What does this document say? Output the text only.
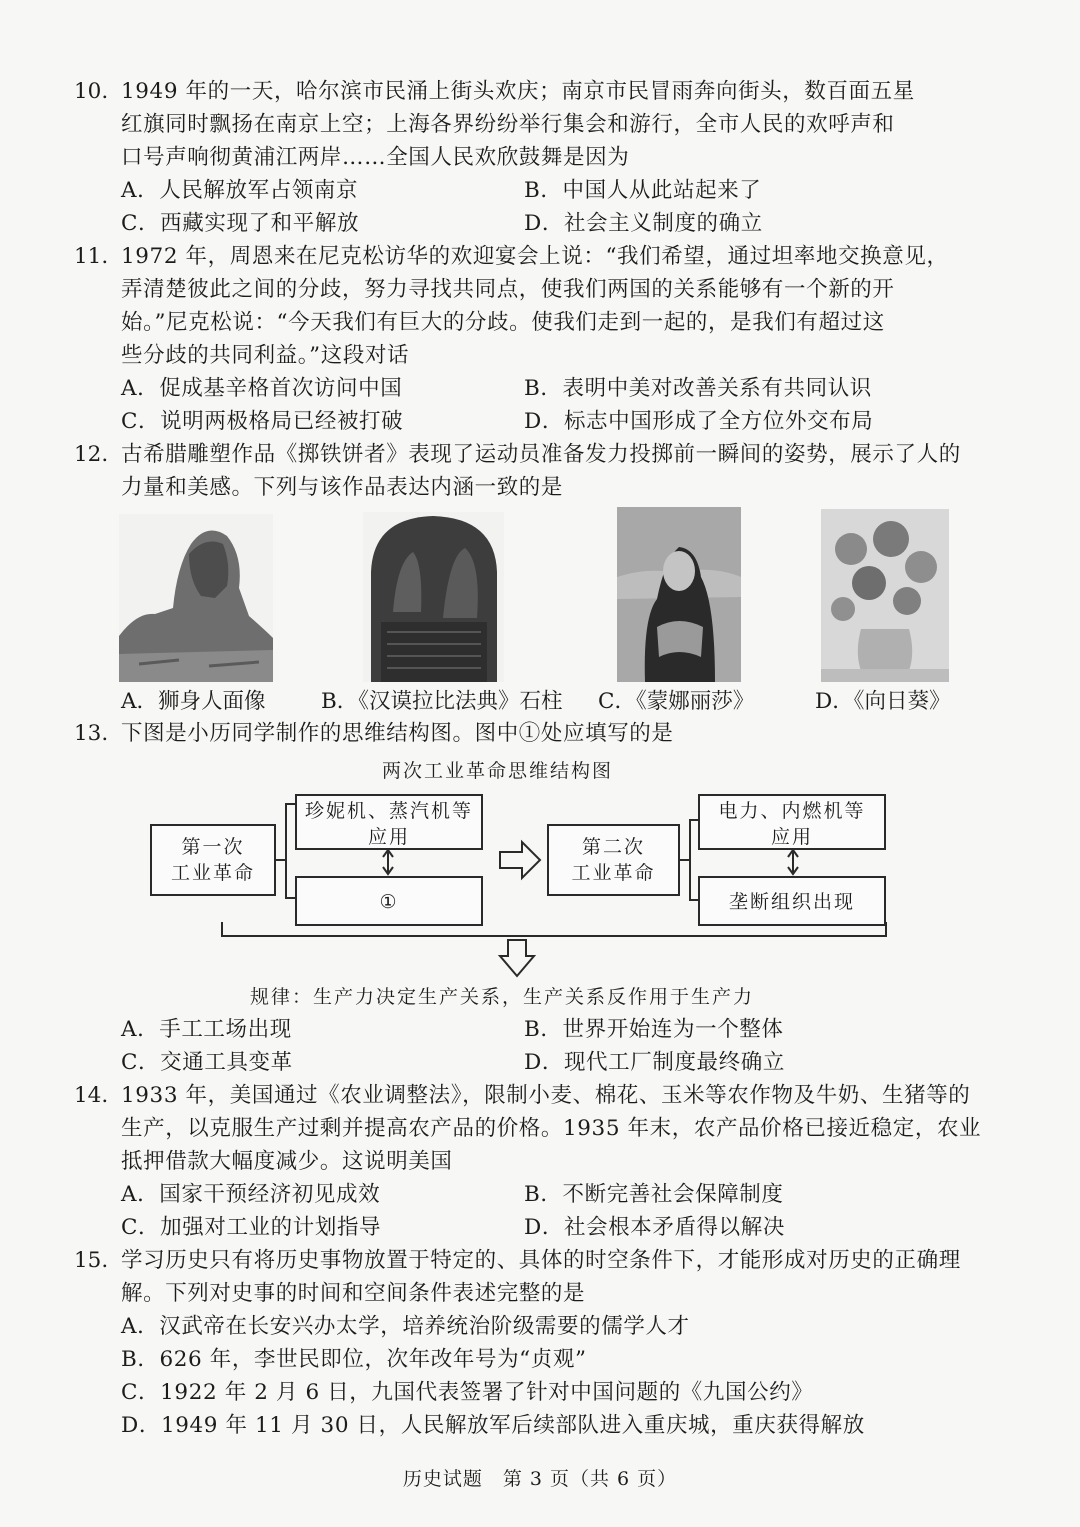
10. 1949 年的一天，哈尔滨市民涌上街头欢庆；南京市民冒雨奔向街头，数百面五星
红旗同时飘扬在南京上空；上海各界纷纷举行集会和游行，全市人民的欢呼声和
口号声响彻黄浦江两岸……全国人民欢欣鼓舞是因为
A．人民解放军占领南京	B．中国人从此站起来了
C．西藏实现了和平解放	D．社会主义制度的确立
11. 1972 年，周恩来在尼克松访华的欢迎宴会上说：“我们希望，通过坦率地交换意见，
弄清楚彼此之间的分歧，努力寻找共同点，使我们两国的关系能够有一个新的开
始。”尼克松说：“今天我们有巨大的分歧。使我们走到一起的，是我们有超过这
些分歧的共同利益。”这段对话
A．促成基辛格首次访问中国	B．表明中美对改善关系有共同认识
C．说明两极格局已经被打破	D．标志中国形成了全方位外交布局
12. 古希腊雕塑作品《掷铁饼者》表现了运动员准备发力投掷前一瞬间的姿势，展示了人的
力量和美感。下列与该作品表达内涵一致的是
A．狮身人面像	B．《汉谟拉比法典》石柱 C．《蒙娜丽莎》	D．《向日葵》
13. 下图是小历同学制作的思维结构图。图中①处应填写的是
两次工业革命思维结构图
第一次
工业革命
珍妮机、蒸汽机等
应用
①
第二次
工业革命
电力、内燃机等
应用
垄断组织出现
规律：生产力决定生产关系，生产关系反作用于生产力
A．手工工场出现	B．世界开始连为一个整体
C．交通工具变革	D．现代工厂制度最终确立
14. 1933 年，美国通过《农业调整法》，限制小麦、棉花、玉米等农作物及牛奶、生猪等的
生产，以克服生产过剩并提高农产品的价格。1935 年末，农产品价格已接近稳定，农业
抵押借款大幅度减少。这说明美国
A．国家干预经济初见成效	B．不断完善社会保障制度
C．加强对工业的计划指导	D．社会根本矛盾得以解决
15. 学习历史只有将历史事物放置于特定的、具体的时空条件下，才能形成对历史的正确理
解。下列对史事的时间和空间条件表述完整的是
A．汉武帝在长安兴办太学，培养统治阶级需要的儒学人才
B．626 年，李世民即位，次年改年号为“贞观”
C．1922 年 2 月 6 日，九国代表签署了针对中国问题的《九国公约》
D．1949 年 11 月 30 日，人民解放军后续部队进入重庆城，重庆获得解放
历史试题　第 3 页（共 6 页）
